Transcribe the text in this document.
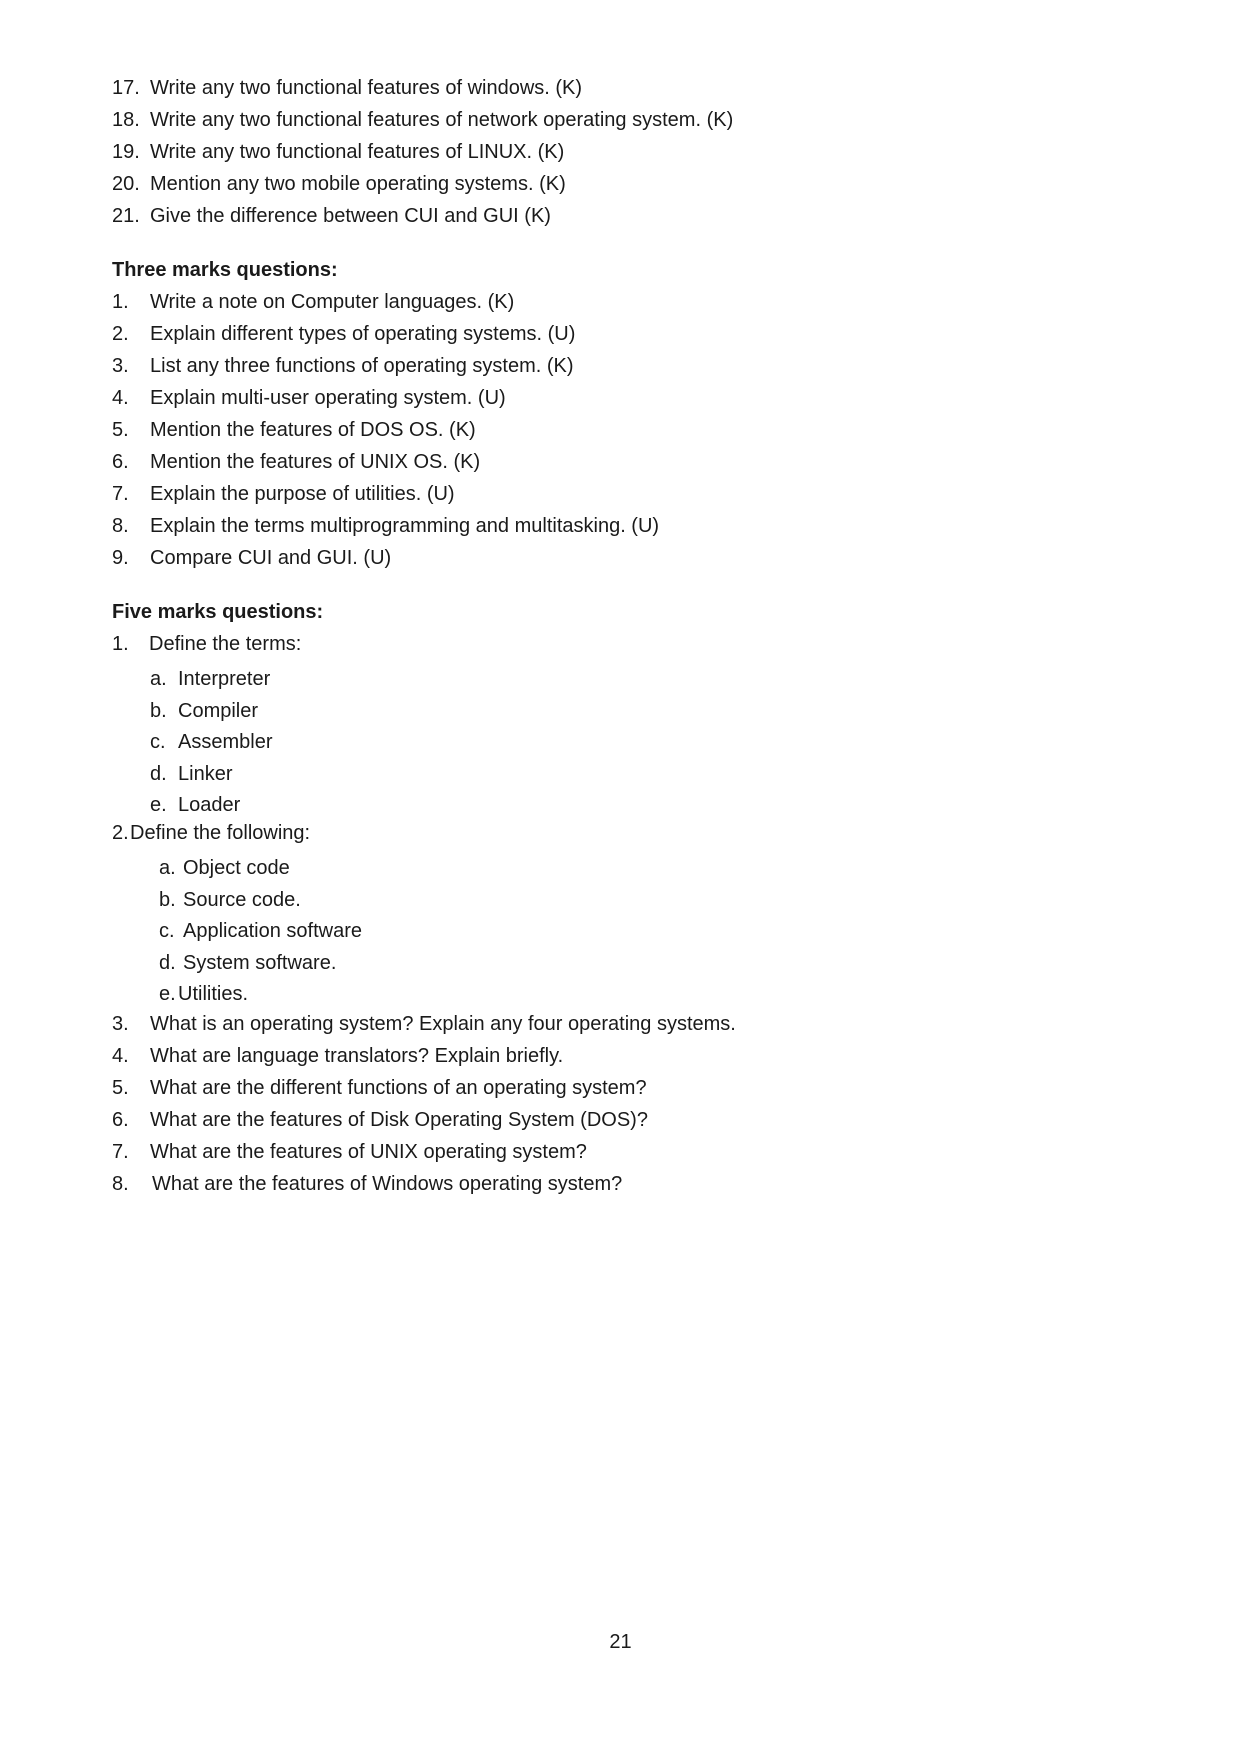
17. Write any two functional features of windows. (K)
18. Write any two functional features of network operating system. (K)
19. Write any two functional features of LINUX. (K)
20. Mention any two mobile operating systems. (K)
21. Give the difference between CUI and GUI (K)
Three marks questions:
1. Write a note on Computer languages. (K)
2. Explain different types of operating systems. (U)
3. List any three functions of operating system. (K)
4. Explain multi-user operating system. (U)
5. Mention the features of DOS OS. (K)
6. Mention the features of UNIX OS. (K)
7. Explain the purpose of utilities. (U)
8. Explain the terms multiprogramming and multitasking. (U)
9. Compare CUI and GUI. (U)
Five marks questions:
1. Define the terms:
a. Interpreter
b. Compiler
c. Assembler
d. Linker
e. Loader
2. Define the following:
a. Object code
b. Source code.
c. Application software
d. System software.
e. Utilities.
3. What is an operating system? Explain any four operating systems.
4. What are language translators? Explain briefly.
5. What are the different functions of an operating system?
6. What are the features of Disk Operating System (DOS)?
7. What are the features of UNIX operating system?
8. What are the features of Windows operating system?
21
